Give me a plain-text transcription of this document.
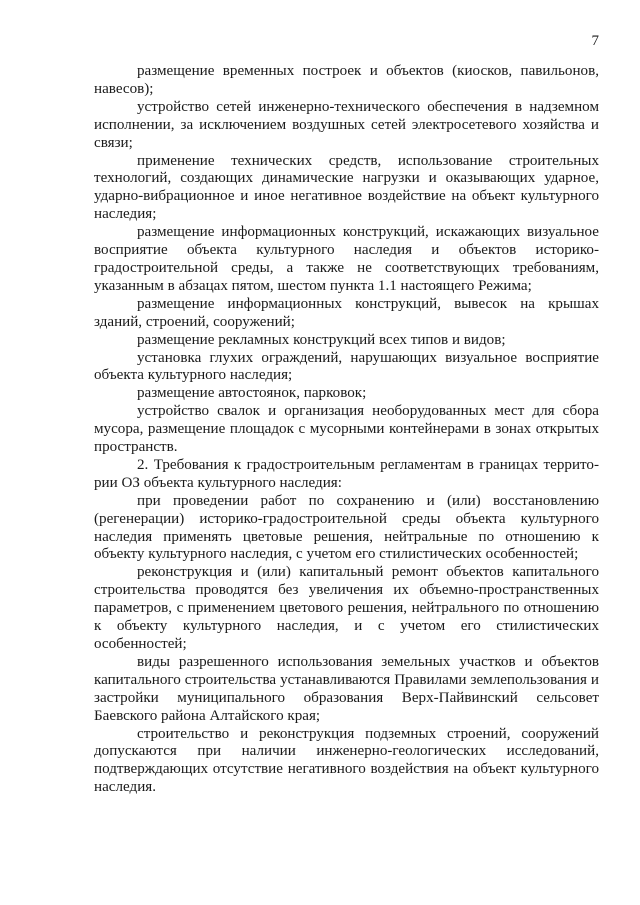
7

размещение временных построек и объектов (киосков, павильонов, навесов);

устройство сетей инженерно-технического обеспечения в надземном исполнении, за исключением воздушных сетей электросетевого хозяйства и связи;

применение технических средств, использование строительных технологий, создающих динамические нагрузки и оказывающих ударное, ударно-вибрационное и иное негативное воздействие на объект культурного наследия;

размещение информационных конструкций, искажающих визуальное восприятие объекта культурного наследия и объектов историко-градостроительной среды, а также не соответствующих требованиям, указанным в абзацах пятом, шестом пункта 1.1 настоящего Режима;

размещение информационных конструкций, вывесок на крышах зданий, строений, сооружений;

размещение рекламных конструкций всех типов и видов;

установка глухих ограждений, нарушающих визуальное восприятие объекта культурного наследия;

размещение автостоянок, парковок;

устройство свалок и организация необорудованных мест для сбора мусора, размещение площадок с мусорными контейнерами в зонах открытых пространств.

2. Требования к градостроительным регламентам в границах террито-
рии ОЗ объекта культурного наследия:

при проведении работ по сохранению и (или) восстановлению (регенерации) историко-градостроительной среды объекта культурного наследия применять цветовые решения, нейтральные по отношению к объекту культурного наследия, с учетом его стилистических особенностей;

реконструкция и (или) капитальный ремонт объектов капитального строительства проводятся без увеличения их объемно-пространственных параметров, с применением цветового решения, нейтрального по отношению к объекту культурного наследия, и с учетом его стилистических особенностей;

виды разрешенного использования земельных участков и объектов капитального строительства устанавливаются Правилами землепользования и застройки муниципального образования Верх-Пайвинский сельсовет Баевского района Алтайского края;

строительство и реконструкция подземных строений, сооружений допускаются при наличии инженерно-геологических исследований, подтверждающих отсутствие негативного воздействия на объект культурного наследия.
